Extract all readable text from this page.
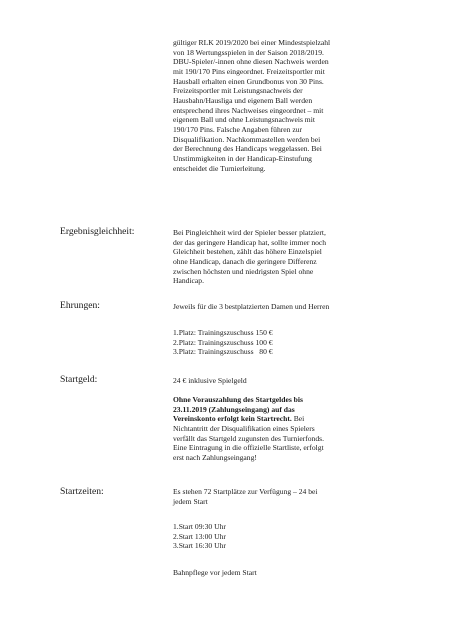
gültiger RLK 2019/2020 bei einer Mindestspielzahl
von 18 Wertungsspielen in der Saison 2018/2019.
DBU-Spieler/-innen ohne diesen Nachweis werden
mit 190/170 Pins eingeordnet. Freizeitsportler mit
Hausball erhalten einen Grundbonus von 30 Pins.
Freizeitsportler mit Leistungsnachweis der
Hausbahn/Hausliga und eigenem Ball werden
entsprechend ihres Nachweises eingeordnet – mit
eigenem Ball und ohne Leistungsnachweis mit
190/170 Pins. Falsche Angaben führen zur
Disqualifikation. Nachkommastellen werden bei
der Berechnung des Handicaps weggelassen. Bei
Unstimmigkeiten in der Handicap-Einstufung
entscheidet die Turnierleitung.
Ergebnisgleichheit:	Bei Pingleichheit wird der Spieler besser platziert,
der das geringere Handicap hat, sollte immer noch
Gleichheit bestehen, zählt das höhere Einzelspiel
ohne Handicap, danach die geringere Differenz
zwischen höchsten und niedrigsten Spiel ohne
Handicap.
Ehrungen:	Jeweils für die 3 bestplatzierten Damen und Herren
1.Platz: Trainingszuschuss 150 €
2.Platz: Trainingszuschuss 100 €
3.Platz: Trainingszuschuss   80 €
Startgeld:	24 € inklusive Spielgeld
Ohne Vorauszahlung des Startgeldes bis
23.11.2019 (Zahlungseingang) auf das
Vereinskonto erfolgt kein Startrecht. Bei
Nichtantritt der Disqualifikation eines Spielers
verfällt das Startgeld zugunsten des Turnierfonds.
Eine Eintragung in die offizielle Startliste, erfolgt
erst nach Zahlungseingang!
Startzeiten:	Es stehen 72 Startplätze zur Verfügung – 24 bei
jedem Start
1.Start 09:30 Uhr
2.Start 13:00 Uhr
3.Start 16:30 Uhr
Bahnpflege vor jedem Start
